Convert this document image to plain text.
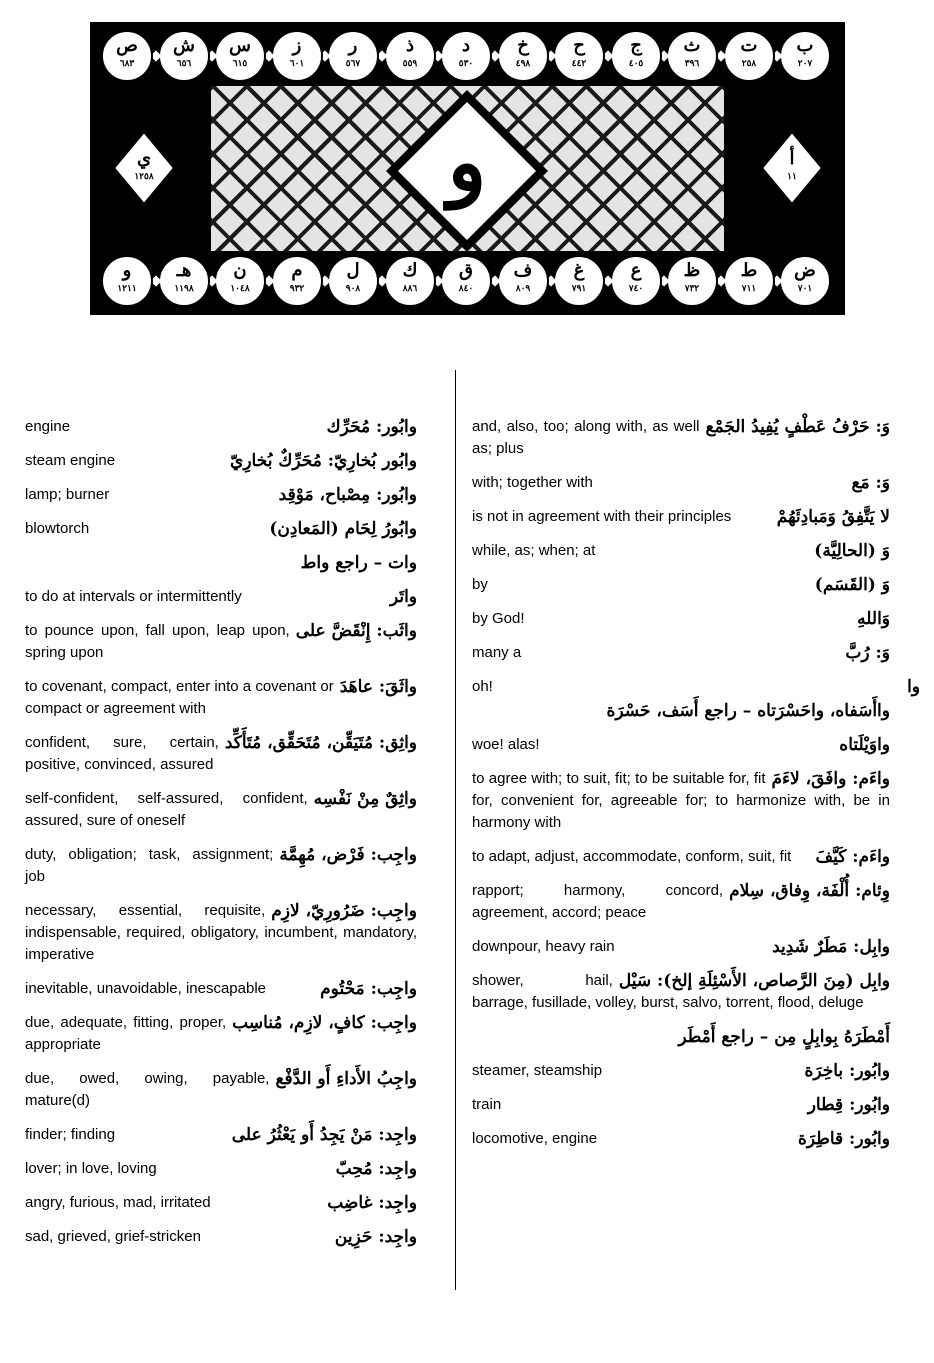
و
ي
١٢٥٨
أ
١١
ب
٢٠٧
ت
٢٥٨
ث
٣٩٦
ج
٤٠٥
ح
٤٤٢
خ
٤٩٨
د
٥٣٠
ذ
٥٥٩
ر
٥٦٧
ز
٦٠١
س
٦١٥
ش
٦٥٦
ص
٦٨٣
ض
٧٠١
ط
٧١١
ظ
٧٣٢
ع
٧٤٠
غ
٧٩١
ف
٨٠٩
ق
٨٤٠
ك
٨٨٦
ل
٩٠٨
م
٩٣٢
ن
١٠٤٨
هـ
١١٩٨
و
١٢١١
وابُور: مُحَرِّك
engine
وابُور بُخارِيّ: مُحَرِّكٌ بُخارِيّ
steam engine
وابُور: مِصْباح، مَوْقِد
lamp; burner
وابُورُ لِحَام (المَعادِن)
blowtorch
وات – راجع واط
واتَر
to do at intervals or intermittently
واثَب: إِنْقَضَّ على
to pounce upon, fall upon, leap upon, spring upon
واثَقَ: عاهَدَ
to covenant, compact, enter into a covenant or compact or agreement with
واثِق: مُتَيَقِّن، مُتَحَقِّق، مُتَأَكِّد
confident, sure, certain, positive, convinced, assured
واثِقٌ مِنْ نَفْسِه
self-confident, self-assured, confident, assured, sure of oneself
واجِب: فَرْض، مُهِمَّة
duty, obligation; task, assignment; job
واجِب: ضَرُورِيّ، لازِم
necessary, essential, requisite, indispensable, required, obligatory, incumbent, mandatory, imperative
واجِب: مَحْتُوم
inevitable, unavoidable, inescapable
واجِب: كافٍ، لازِم، مُناسِب
due, adequate, fitting, proper, appropriate
واجِبُ الأَداءِ أَو الدَّفْع
due, owed, owing, payable, mature(d)
واجِد: مَنْ يَجِدُ أَو يَعْثُرُ على
finder; finding
واجِد: مُحِبّ
lover; in love, loving
واجِد: غاضِب
angry, furious, mad, irritated
واجِد: حَزِين
sad, grieved, grief-stricken
وَ: حَرْفُ عَطْفٍ يُفِيدُ الجَمْع
and, also, too; along with, as well as; plus
وَ: مَع
with; together with
لا يَتَّفِقُ وَمَبادِئَهُمْ
is not in agreement with their principles
وَ (الحالِيَّة)
while, as; when; at
وَ (القَسَم)
by
وَاللهِ
by God!
وَ: رُبَّ
many a
وا
oh!
واأَسَفاه، واحَسْرَتاه – راجع أَسَف، حَسْرَة
واوَيْلَتاه
woe! alas!
واءَم: وافَقَ، لاءَمَ
to agree with; to suit, fit; to be suitable for, fit for, convenient for, agreeable for; to harmonize with, be in harmony with
واءَم: كَيَّفَ
to adapt, adjust, accommodate, conform, suit, fit
وِئام: أُلْفَة، وِفاق، سِلام
rapport; harmony, concord, agreement, accord; peace
وابِل: مَطَرٌ شَدِيد
downpour, heavy rain
وابِل (مِنَ الرَّصاص، الأَسْئِلَةِ إلخ): سَيْل
shower, hail, barrage, fusillade, volley, burst, salvo, torrent, flood, deluge
أَمْطَرَهُ بِوابِلٍ مِن – راجع أَمْطَر
وابُور: باخِرَة
steamer, steamship
وابُور: قِطار
train
وابُور: قاطِرَة
locomotive, engine
